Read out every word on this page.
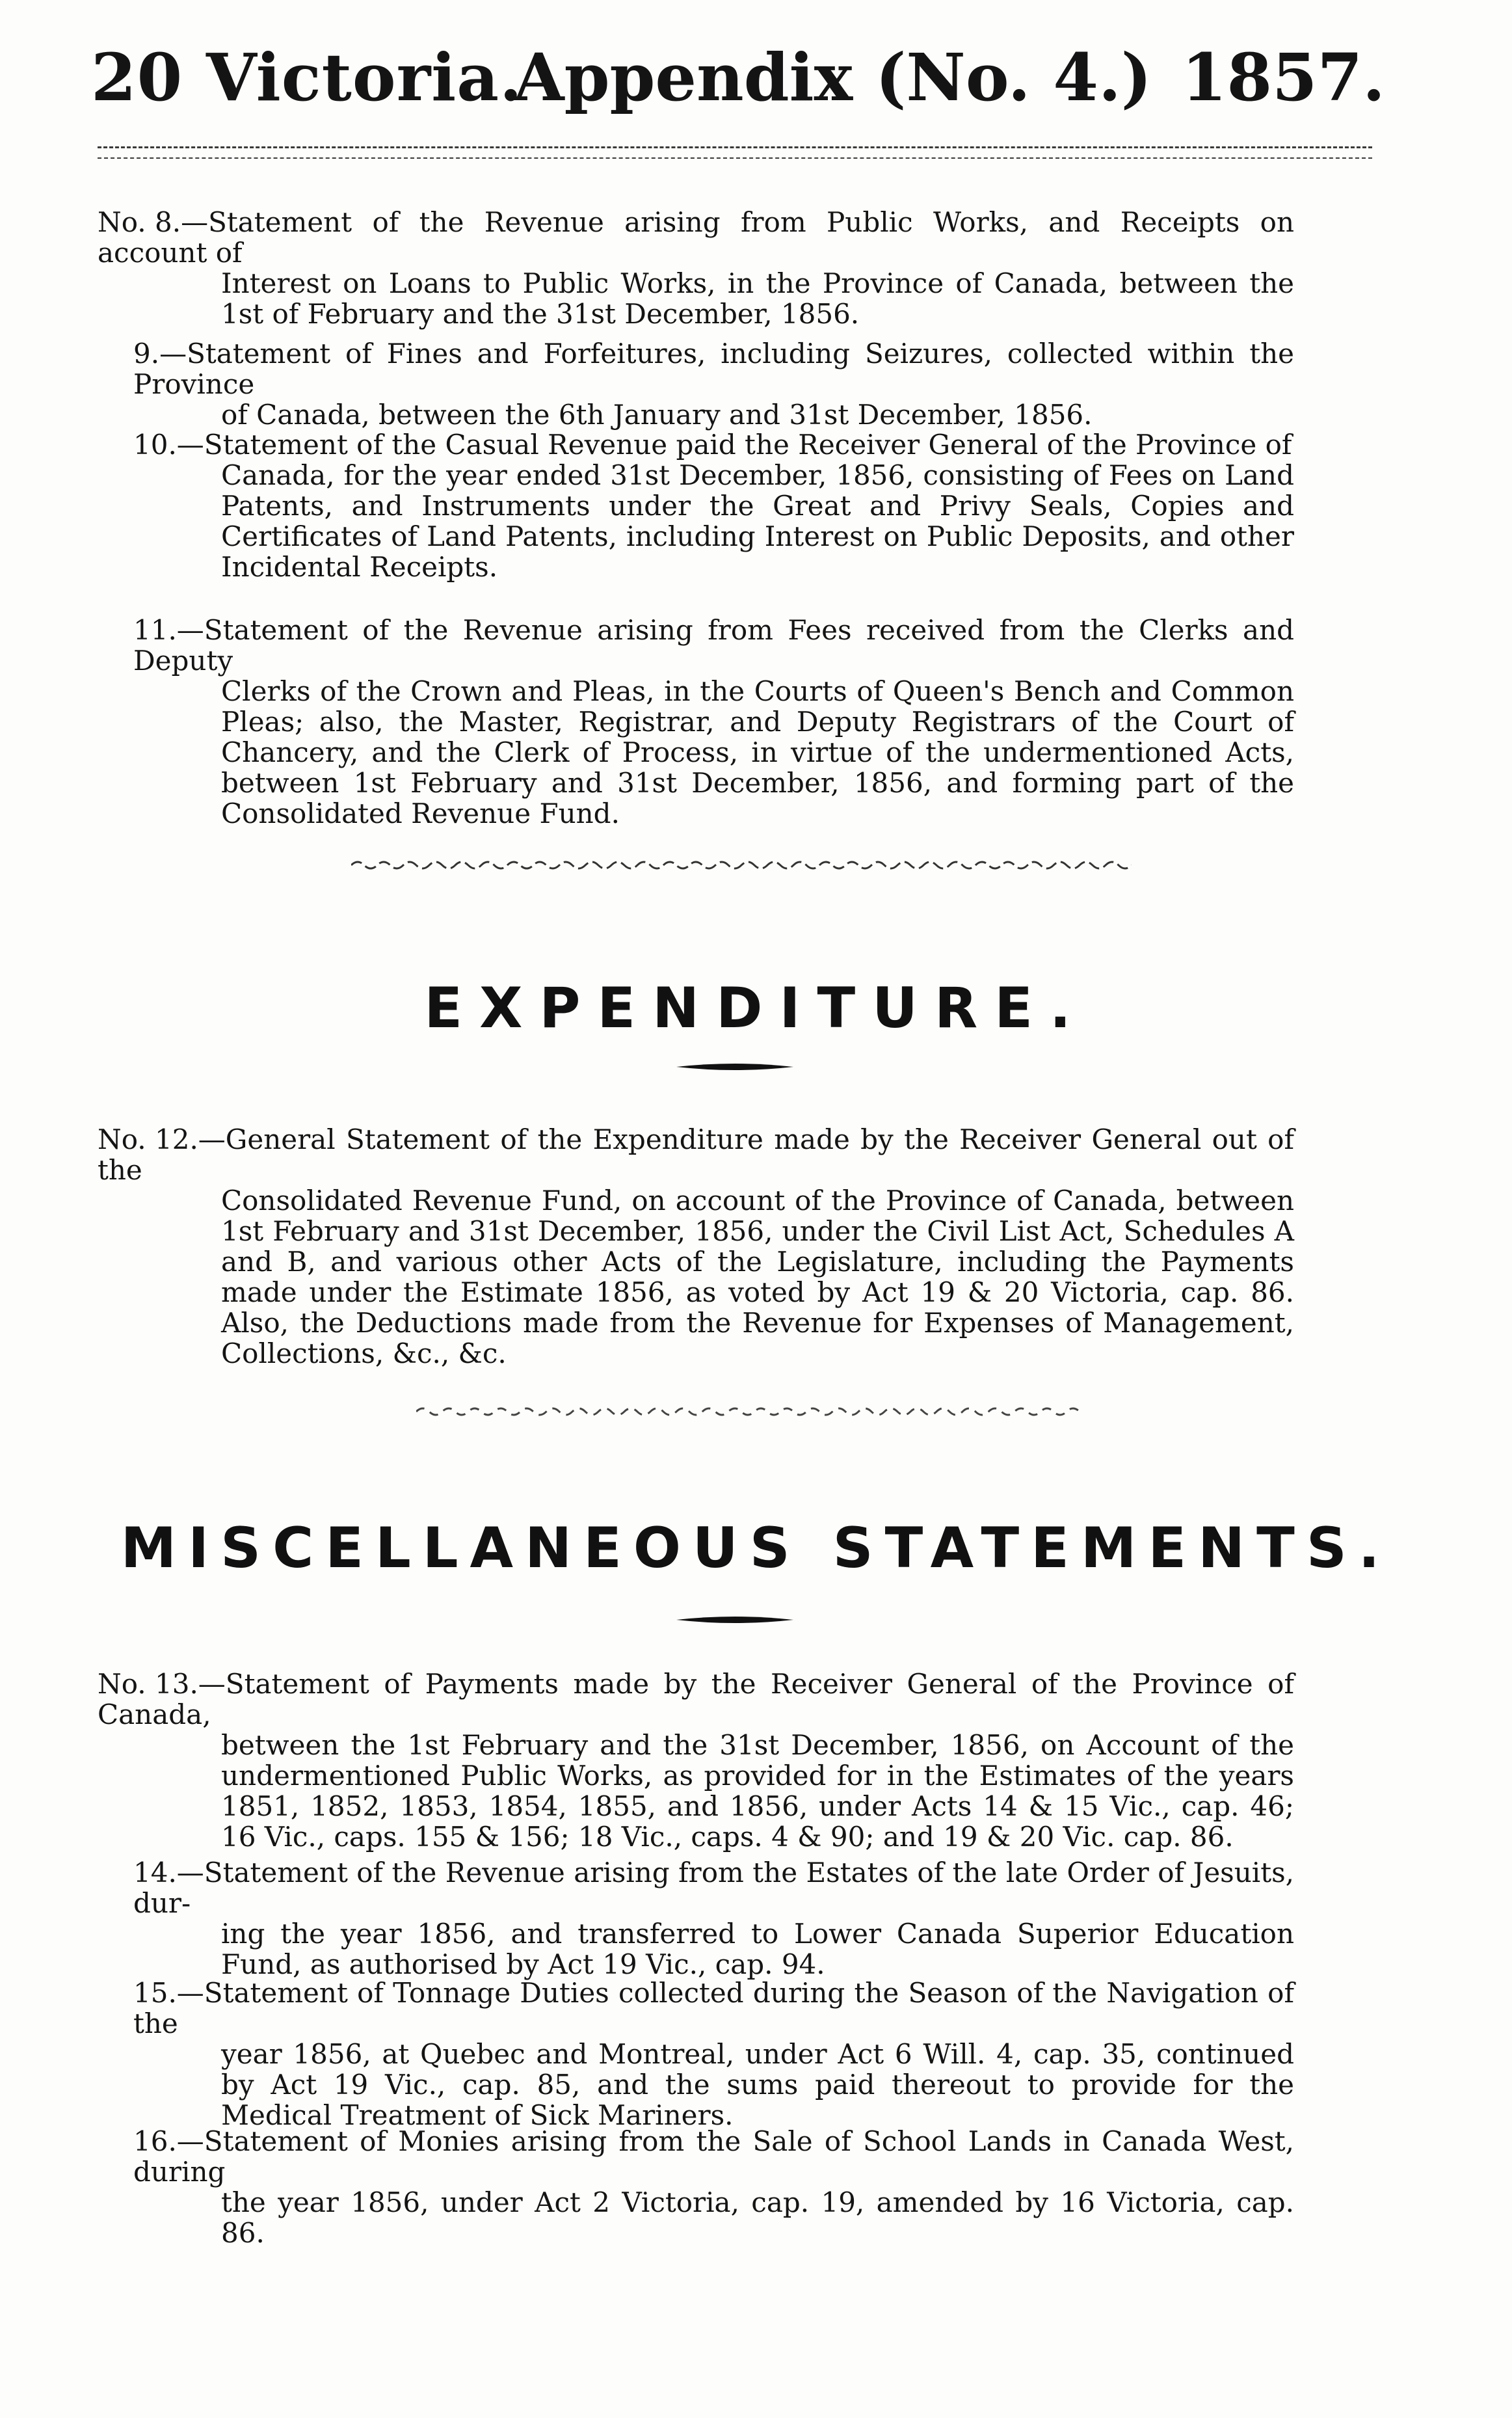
20 Victoria.
Appendix (No. 4.) 1857.
No. 8.—Statement of the Revenue arising from Public Works, and Receipts on account of
Interest on Loans to Public Works, in the Province of Canada, between the 1st of February and the 31st December, 1856.
9.—Statement of Fines and Forfeitures, including Seizures, collected within the Province
of Canada, between the 6th January and 31st December, 1856.
10.—Statement of the Casual Revenue paid the Receiver General of the Province of
Canada, for the year ended 31st December, 1856, consisting of Fees on Land Patents, and Instruments under the Great and Privy Seals, Copies and Certificates of Land Patents, including Interest on Public Deposits, and other Incidental Receipts.
11.—Statement of the Revenue arising from Fees received from the Clerks and Deputy
Clerks of the Crown and Pleas, in the Courts of Queen's Bench and Common Pleas; also, the Master, Registrar, and Deputy Registrars of the Court of Chancery, and the Clerk of Process, in virtue of the undermentioned Acts, between 1st February and 31st December, 1856, and forming part of the Consolidated Revenue Fund.
EXPENDITURE.
No. 12.—General Statement of the Expenditure made by the Receiver General out of the
Consolidated Revenue Fund, on account of the Province of Canada, between 1st February and 31st December, 1856, under the Civil List Act, Schedules A and B, and various other Acts of the Legislature, including the Payments made under the Estimate 1856, as voted by Act 19 & 20 Victoria, cap. 86. Also, the Deductions made from the Revenue for Expenses of Management, Collections, &c., &c.
MISCELLANEOUS STATEMENTS.
No. 13.—Statement of Payments made by the Receiver General of the Province of Canada,
between the 1st February and the 31st December, 1856, on Account of the undermentioned Public Works, as provided for in the Estimates of the years 1851, 1852, 1853, 1854, 1855, and 1856, under Acts 14 & 15 Vic., cap. 46; 16 Vic., caps. 155 & 156; 18 Vic., caps. 4 & 90; and 19 & 20 Vic. cap. 86.
14.—Statement of the Revenue arising from the Estates of the late Order of Jesuits, dur-
ing the year 1856, and transferred to Lower Canada Superior Education Fund, as authorised by Act 19 Vic., cap. 94.
15.—Statement of Tonnage Duties collected during the Season of the Navigation of the
year 1856, at Quebec and Montreal, under Act 6 Will. 4, cap. 35, continued by Act 19 Vic., cap. 85, and the sums paid thereout to provide for the Medical Treatment of Sick Mariners.
16.—Statement of Monies arising from the Sale of School Lands in Canada West, during
the year 1856, under Act 2 Victoria, cap. 19, amended by 16 Victoria, cap. 86.
